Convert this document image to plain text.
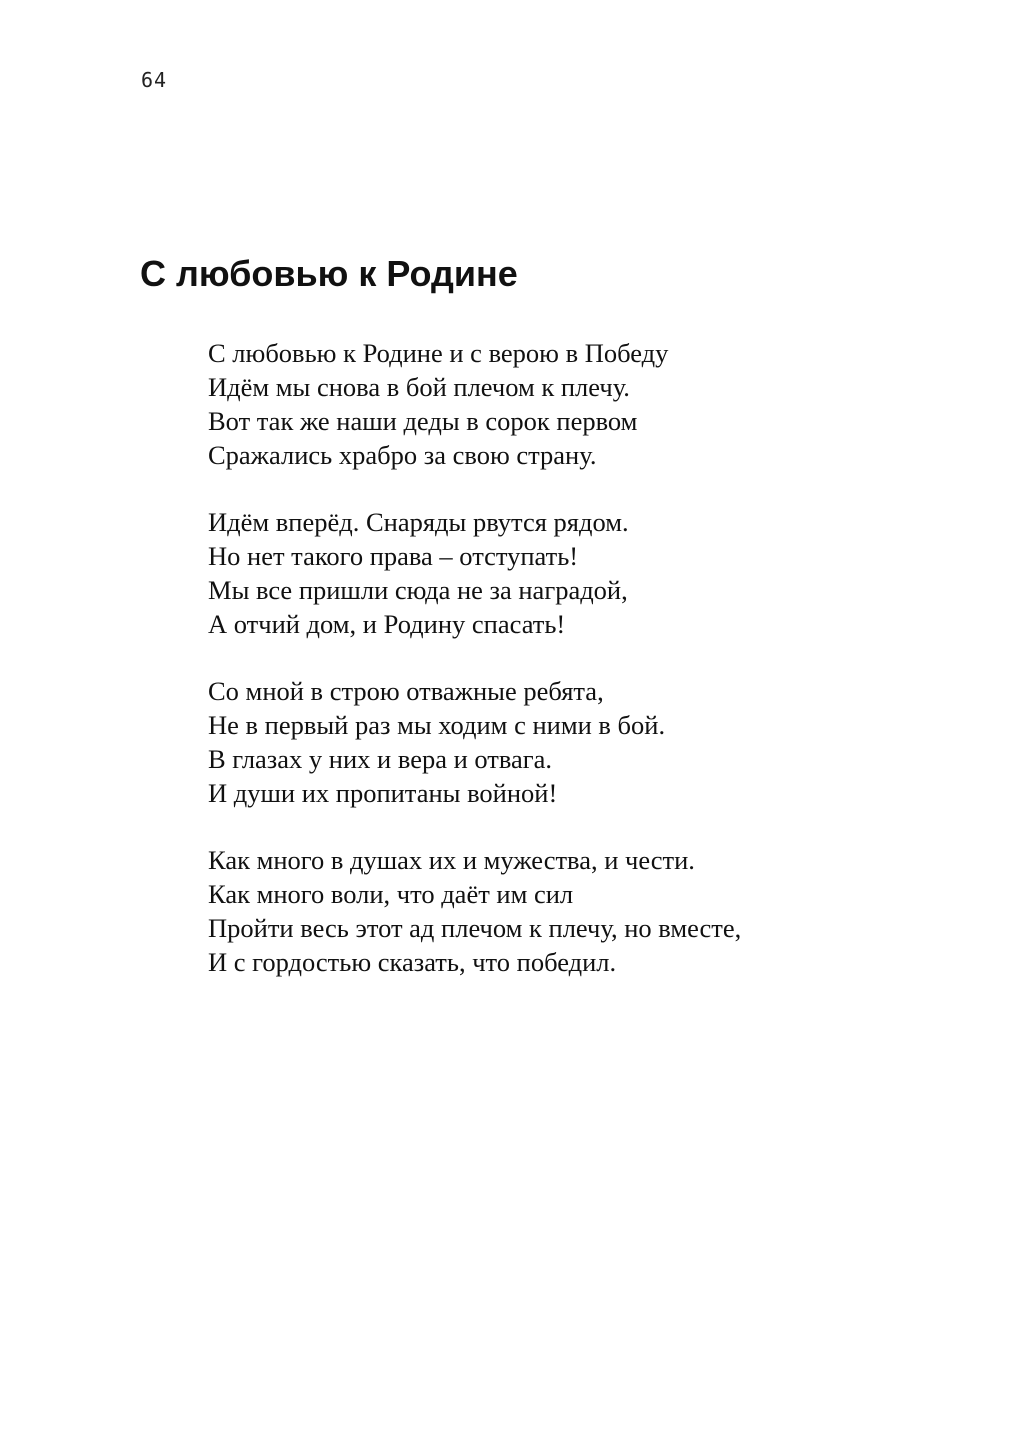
64
С любовью к Родине
С любовью к Родине и с верою в Победу
Идём мы снова в бой плечом к плечу.
Вот так же наши деды в сорок первом
Сражались храбро за свою страну.
Идём вперёд. Снаряды рвутся рядом.
Но нет такого права – отступать!
Мы все пришли сюда не за наградой,
А отчий дом, и Родину спасать!
Со мной в строю отважные ребята,
Не в первый раз мы ходим с ними в бой.
В глазах у них и вера и отвага.
И души их пропитаны войной!
Как много в душах их и мужества, и чести.
Как много воли, что даёт им сил
Пройти весь этот ад плечом к плечу, но вместе,
И с гордостью сказать, что победил.
